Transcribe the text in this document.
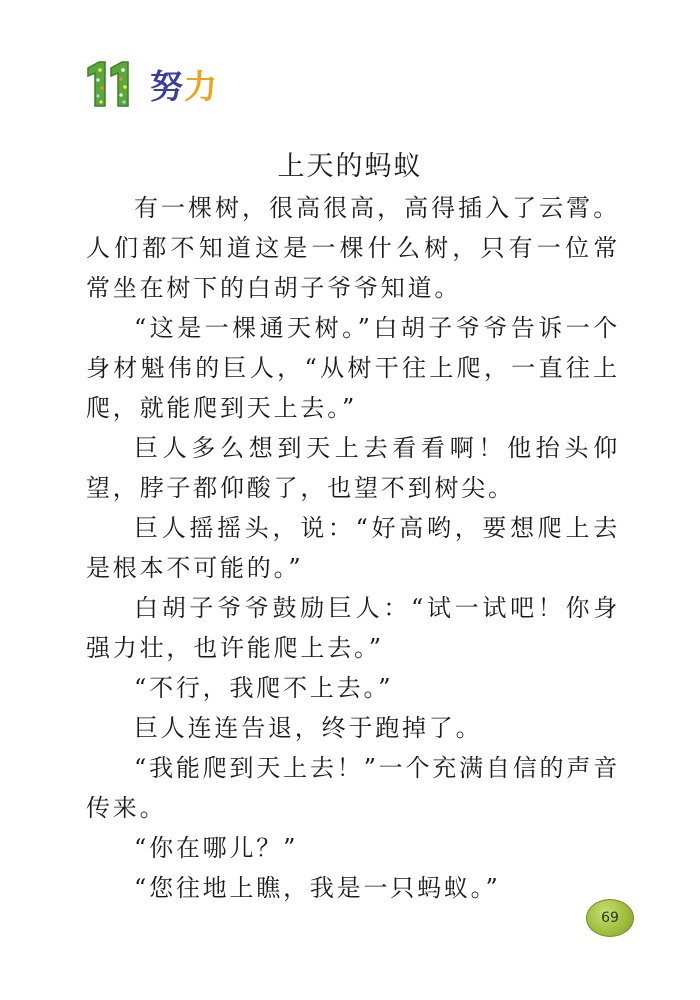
努力
上天的蚂蚁

有一棵树，很高很高，高得插入了云霄。人们都不知道这是一棵什么树，只有一位常常坐在树下的白胡子爷爷知道。

“这是一棵通天树。”白胡子爷爷告诉一个身材魁伟的巨人，“从树干往上爬，一直往上爬，就能爬到天上去。”

巨人多么想到天上去看看啊！他抬头仰望，脖子都仰酸了，也望不到树尖。

巨人摇摇头，说：“好高哟，要想爬上去是根本不可能的。”

白胡子爷爷鼓励巨人：“试一试吧！你身强力壮，也许能爬上去。”

“不行，我爬不上去。”

巨人连连告退，终于跑掉了。

“我能爬到天上去！”一个充满自信的声音传来。

“你在哪儿？”

“您往地上瞧，我是一只蚂蚁。”

69
